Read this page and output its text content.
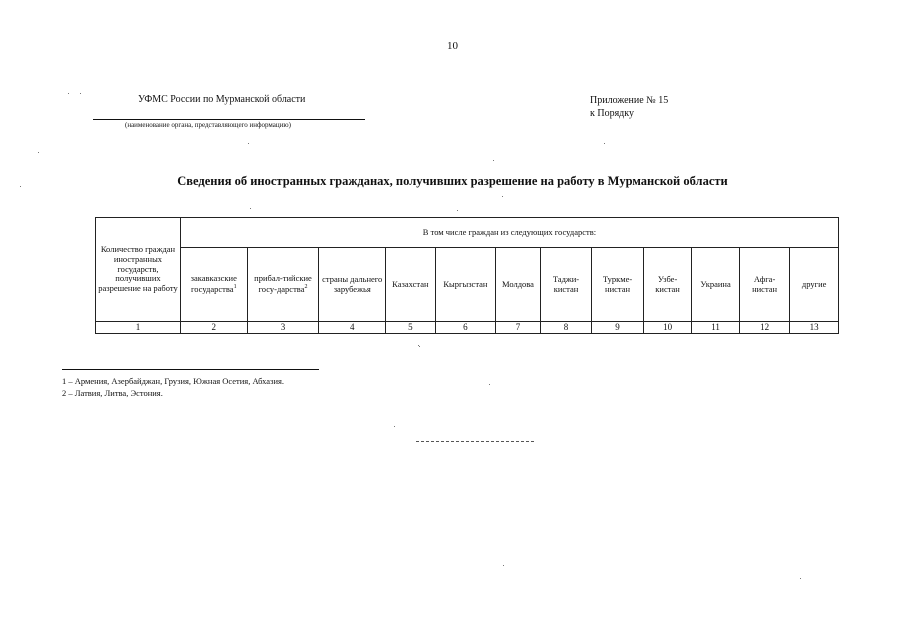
10
УФМС России по Мурманской области
(наименование органа, представляющего информацию)
Приложение № 15
к Порядку
Сведения об иностранных гражданах, получивших разрешение на работу в Мурманской области
Количество граждан иностранных государств, получивших разрешение на работу	В том числе граждан из следующих государств:											
	закавказские государства$^1$	прибал-тийские госу-дарства$^2$	страны дальнего зарубежья	Казахстан	Кыргызстан	Молдова	Таджи-кистан	Туркме-нистан	Узбе-кистан	Украина	Афга-нистан	другие
1	2	3	4	5	6	7	8	9	10	11	12	13
1 – Армения, Азербайджан, Грузия, Южная Осетия, Абхазия.
2 – Латвия, Литва, Эстония.
